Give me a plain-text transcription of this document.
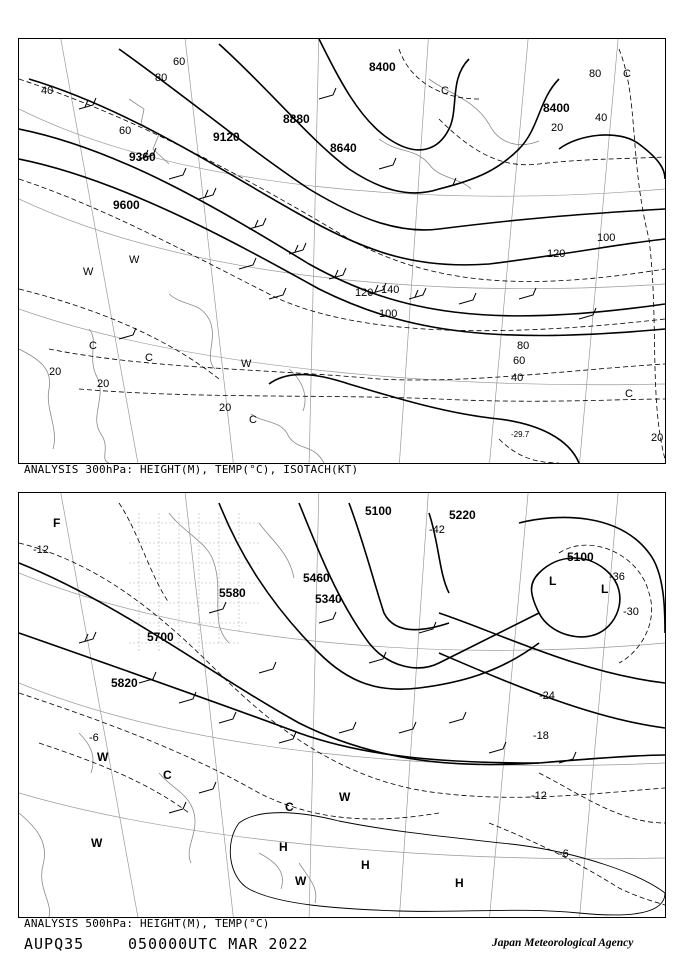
8400
8880
8640
9120
9360
9600
8400
80
60
40
60
120 140
100
120
100
80
60
40
20
20
20
40
20
20
80
-29.7
C
C
C
C
W
W
W
C
C
ANALYSIS 300hPa: HEIGHT(M), TEMP(°C), ISOTACH(KT)
5100	5220
5460
5580	5340
5700
5820
5100
-12
-42
-36
-30
-24
-18
-12
-6
-6
L
L
C
W
C
W	H
H
H
W
F
W
ANALYSIS 500hPa: HEIGHT(M), TEMP(°C)
AUPQ35	050000UTC MAR 2022	Japan Meteorological Agency
